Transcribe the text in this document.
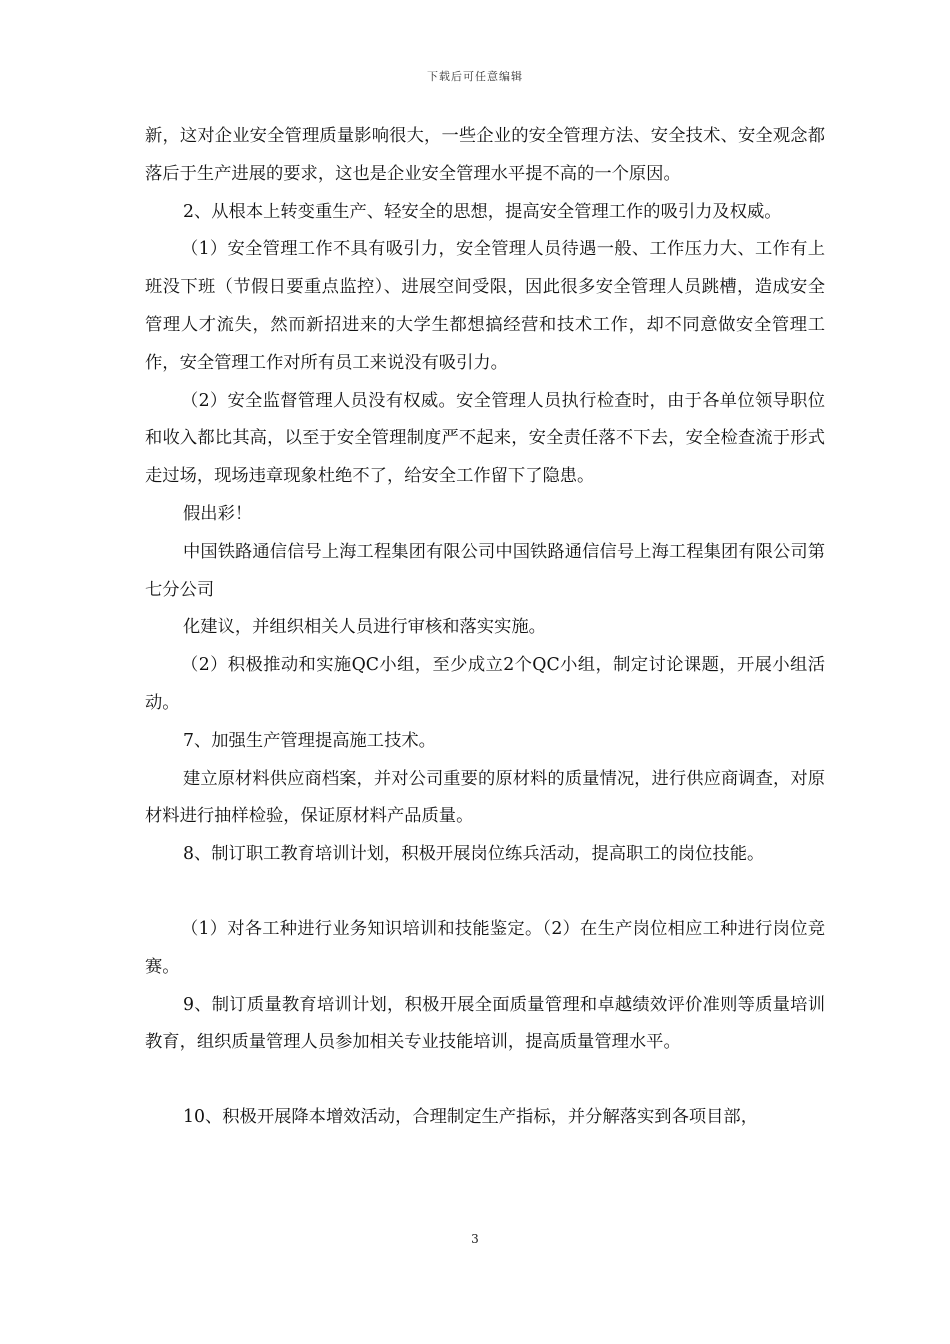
下载后可任意编辑

新，这对企业安全管理质量影响很大，一些企业的安全管理方法、安全技术、安全观念都落后于生产进展的要求，这也是企业安全管理水平提不高的一个原因。

2、从根本上转变重生产、轻安全的思想，提高安全管理工作的吸引力及权威。

（1）安全管理工作不具有吸引力，安全管理人员待遇一般、工作压力大、工作有上班没下班（节假日要重点监控）、进展空间受限，因此很多安全管理人员跳槽，造成安全管理人才流失，然而新招进来的大学生都想搞经营和技术工作，却不同意做安全管理工作，安全管理工作对所有员工来说没有吸引力。

（2）安全监督管理人员没有权威。安全管理人员执行检查时，由于各单位领导职位和收入都比其高，以至于安全管理制度严不起来，安全责任落不下去，安全检查流于形式走过场，现场违章现象杜绝不了，给安全工作留下了隐患。

假出彩！

中国铁路通信信号上海工程集团有限公司中国铁路通信信号上海工程集团有限公司第七分公司

化建议，并组织相关人员进行审核和落实实施。

（2）积极推动和实施QC小组，至少成立2个QC小组，制定讨论课题，开展小组活动。

7、加强生产管理提高施工技术。

建立原材料供应商档案，并对公司重要的原材料的质量情况，进行供应商调查，对原材料进行抽样检验，保证原材料产品质量。

8、制订职工教育培训计划，积极开展岗位练兵活动，提高职工的岗位技能。

（1）对各工种进行业务知识培训和技能鉴定。（2）在生产岗位相应工种进行岗位竞赛。

9、制订质量教育培训计划，积极开展全面质量管理和卓越绩效评价准则等质量培训教育，组织质量管理人员参加相关专业技能培训，提高质量管理水平。

10、积极开展降本增效活动，合理制定生产指标，并分解落实到各项目部，

3
